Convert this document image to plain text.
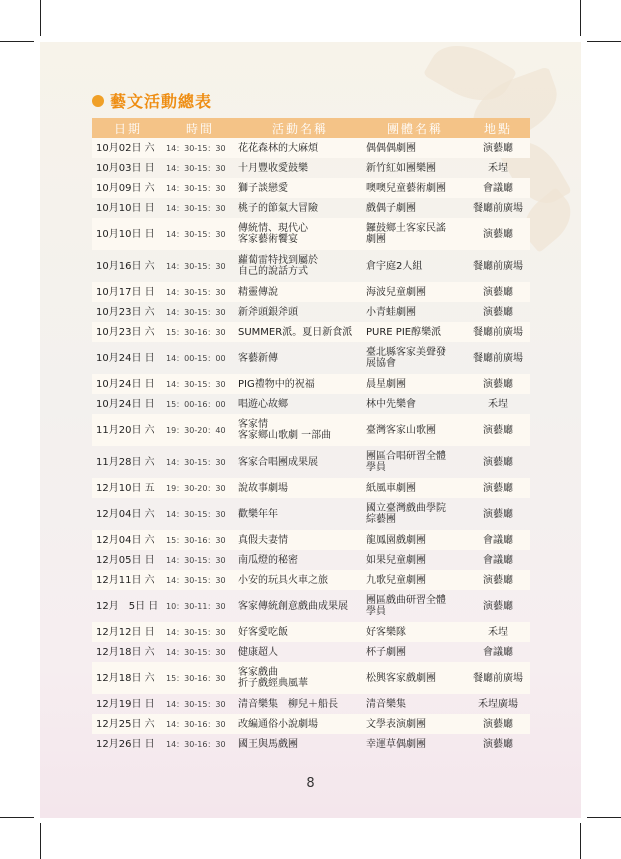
藝文活動總表
日期	時間	活動名稱	團體名稱	地點
10月02日 六	14：30-15：30	花花森林的大麻煩	偶偶偶劇團	演藝廳
10月03日 日	14：30-15：30	十月豐收愛鼓樂	新竹紅如團樂團	禾埕
10月09日 六	14：30-15：30	獅子談戀愛	噢噢兒童藝術劇團	會議廳
10月10日 日	14：30-15：30	桃子的節氣大冒險	戲偶子劇團	餐廳前廣場
10月10日 日	14：30-15：30	傳統情、現代心
客家藝術饗宴	鑼鼓鄉土客家民謠
劇團	演藝廳
10月16日 六	14：30-15：30	蘿蔔雷特找到屬於
自己的說話方式	倉宇庭2人組	餐廳前廣場
10月17日 日	14：30-15：30	精靈傳說	海波兒童劇團	演藝廳
10月23日 六	14：30-15：30	新斧頭銀斧頭	小青蛙劇團	演藝廳
10月23日 六	15：30-16：30	SUMMER派。夏日新食派	PURE PIE醇樂派	餐廳前廣場
10月24日 日	14：00-15：00	客藝新傳	臺北縣客家美聲發
展協會	餐廳前廣場
10月24日 日	14：30-15：30	PIG禮物中的祝福	晨星劇團	演藝廳
10月24日 日	15：00-16：00	唱遊心故鄉	林中先樂會	禾埕
11月20日 六	19：30-20：40	客家情
客家鄉山歌劇 一部曲	臺灣客家山歌團	演藝廳
11月28日 六	14：30-15：30	客家合唱團成果展	團區合唱研習全體
學員	演藝廳
12月10日 五	19：30-20：30	說故事劇場	紙風車劇團	演藝廳
12月04日 六	14：30-15：30	歡樂年年	國立臺灣戲曲學院
綜藝團	演藝廳
12月04日 六	15：30-16：30	真假夫妻情	龍鳳園戲劇團	會議廳
12月05日 日	14：30-15：30	南瓜燈的秘密	如果兒童劇團	會議廳
12月11日 六	14：30-15：30	小安的玩具火車之旅	九歌兒童劇團	演藝廳
12月　5日 日	10：30-11：30	客家傳統創意戲曲成果展	團區戲曲研習全體
學員	演藝廳
12月12日 日	14：30-15：30	好客愛吃飯	好客樂隊	禾埕
12月18日 六	14：30-15：30	健康超人	杯子劇團	會議廳
12月18日 六	15：30-16：30	客家戲曲
折子戲經典風華	松興客家戲劇團	餐廳前廣場
12月19日 日	14：30-15：30	清音樂集　柳兒＋船長	清音樂集	禾埕廣場
12月25日 六	14：30-16：30	改編通俗小說劇場	文學表演劇團	演藝廳
12月26日 日	14：30-16：30	國王與馬戲團	幸運草偶劇團	演藝廳
8
